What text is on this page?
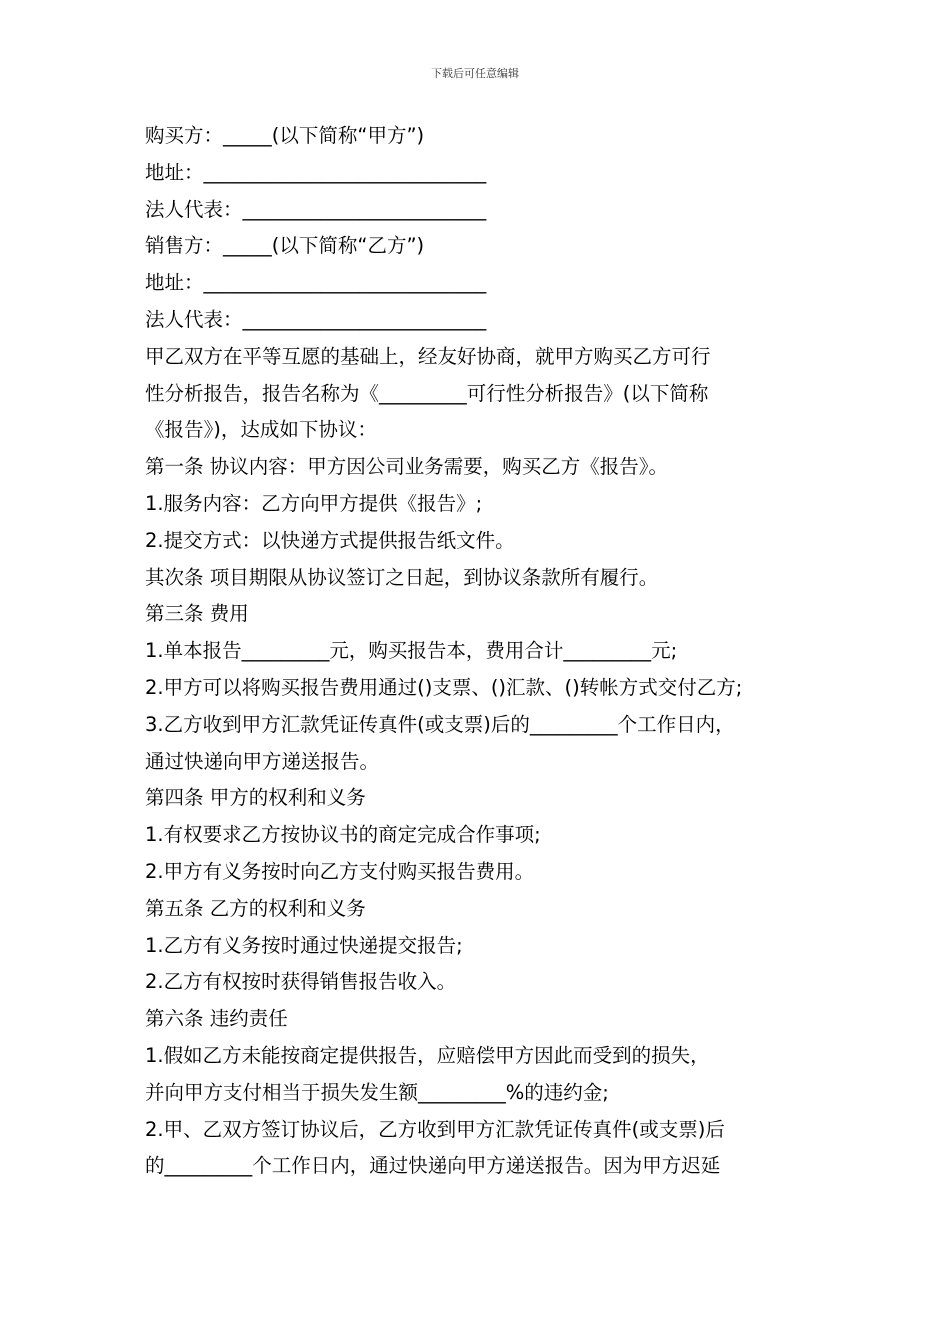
下载后可任意编辑
购买方：_____(以下简称“甲方”)
地址：_____________________________
法人代表：_________________________
销售方：_____(以下简称“乙方”)
地址：_____________________________
法人代表：_________________________
甲乙双方在平等互愿的基础上，经友好协商，就甲方购买乙方可行
性分析报告，报告名称为《_________可行性分析报告》(以下简称
《报告》)，达成如下协议：
第一条 协议内容：甲方因公司业务需要，购买乙方《报告》。
1.服务内容：乙方向甲方提供《报告》;
2.提交方式：以快递方式提供报告纸文件。
其次条 项目期限从协议签订之日起，到协议条款所有履行。
第三条 费用
1.单本报告_________元，购买报告本，费用合计_________元;
2.甲方可以将购买报告费用通过()支票、()汇款、()转帐方式交付乙方;
3.乙方收到甲方汇款凭证传真件(或支票)后的_________个工作日内，
通过快递向甲方递送报告。
第四条 甲方的权利和义务
1.有权要求乙方按协议书的商定完成合作事项;
2.甲方有义务按时向乙方支付购买报告费用。
第五条 乙方的权利和义务
1.乙方有义务按时通过快递提交报告;
2.乙方有权按时获得销售报告收入。
第六条 违约责任
1.假如乙方未能按商定提供报告，应赔偿甲方因此而受到的损失，
并向甲方支付相当于损失发生额_________%的违约金;
2.甲、乙双方签订协议后，乙方收到甲方汇款凭证传真件(或支票)后
的_________个工作日内，通过快递向甲方递送报告。因为甲方迟延
